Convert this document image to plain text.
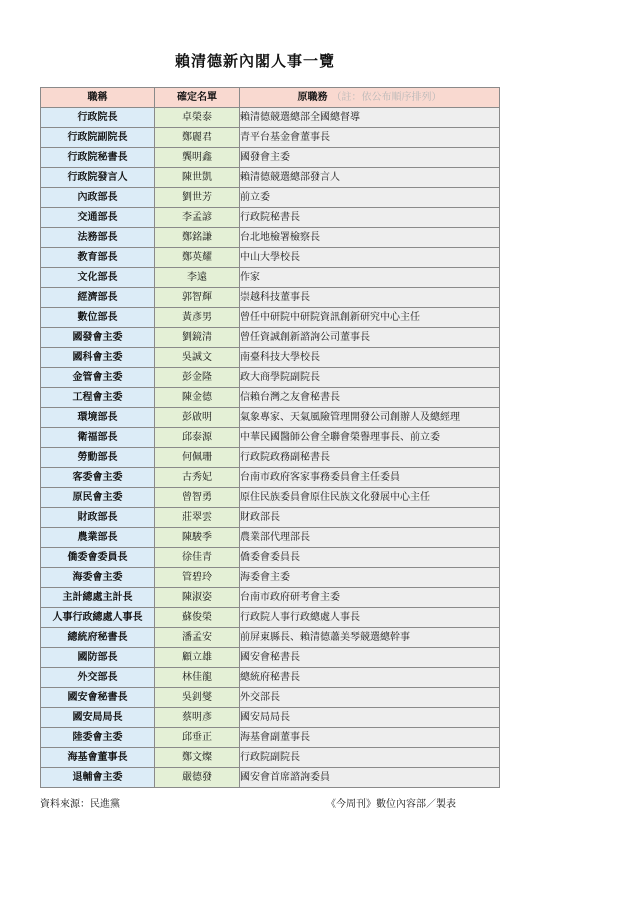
賴清德新內閣人事一覽
職稱	確定名單	原職務 （註：依公布順序排列）
行政院長	卓榮泰	賴清德競選總部全國總督導
行政院副院長	鄭麗君	青平台基金會董事長
行政院秘書長	龔明鑫	國發會主委
行政院發言人	陳世凱	賴清德競選總部發言人
內政部長	劉世芳	前立委
交通部長	李孟諺	行政院秘書長
法務部長	鄭銘謙	台北地檢署檢察長
教育部長	鄭英耀	中山大學校長
文化部長	李遠	作家
經濟部長	郭智輝	崇越科技董事長
數位部長	黃彥男	曾任中研院中研院資訊創新研究中心主任
國發會主委	劉鏡清	曾任資誠創新諮詢公司董事長
國科會主委	吳誠文	南臺科技大學校長
金管會主委	彭金隆	政大商學院副院長
工程會主委	陳金德	信賴台灣之友會秘書長
環境部長	彭啟明	氣象專家、天氣風險管理開發公司創辦人及總經理
衛福部長	邱泰源	中華民國醫師公會全聯會榮譽理事長、前立委
勞動部長	何佩珊	行政院政務副秘書長
客委會主委	古秀妃	台南市政府客家事務委員會主任委員
原民會主委	曾智勇	原住民族委員會原住民族文化發展中心主任
財政部長	莊翠雲	財政部長
農業部長	陳駿季	農業部代理部長
僑委會委員長	徐佳青	僑委會委員長
海委會主委	管碧玲	海委會主委
主計總處主計長	陳淑姿	台南市政府研考會主委
人事行政總處人事長	蘇俊榮	行政院人事行政總處人事長
總統府秘書長	潘孟安	前屏東縣長、賴清德蕭美琴競選總幹事
國防部長	顧立雄	國安會秘書長
外交部長	林佳龍	總統府秘書長
國安會秘書長	吳釗燮	外交部長
國安局局長	蔡明彥	國安局局長
陸委會主委	邱垂正	海基會副董事長
海基會董事長	鄭文燦	行政院副院長
退輔會主委	嚴德發	國安會首席諮詢委員
資料來源：民進黨	《今周刊》數位內容部／製表
